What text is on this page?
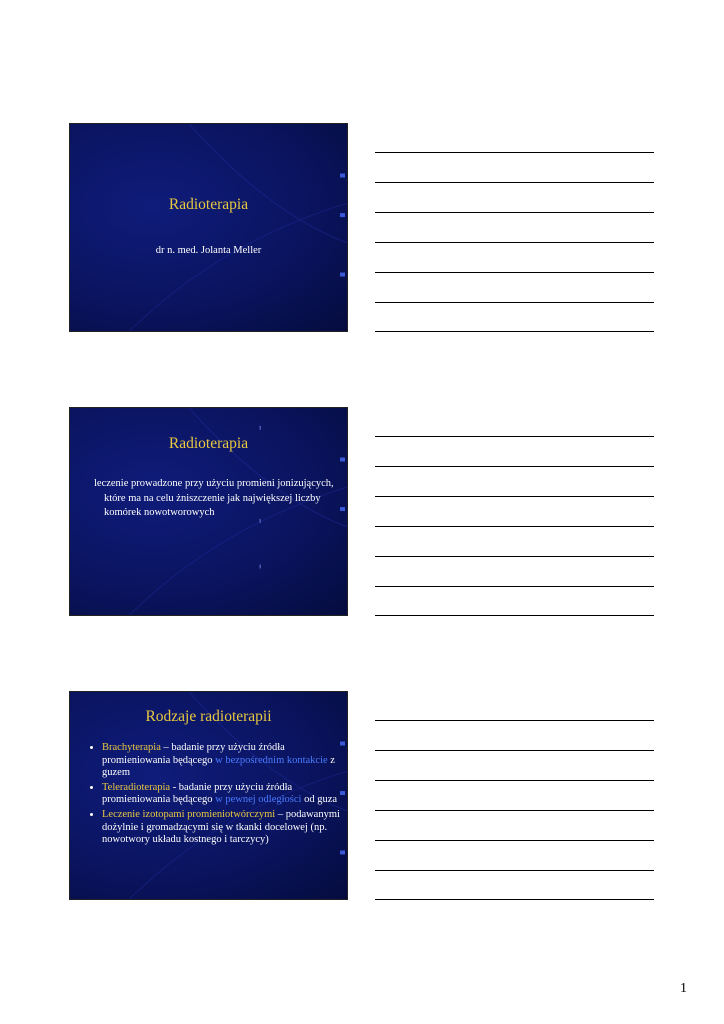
Radioterapia
dr n. med. Jolanta Meller
Radioterapia
leczenie prowadzone przy użyciu promieni jonizujących, które ma na celu żniszczenie jak największej liczby komórek nowotworowych
Rodzaje radioterapii
• Brachyterapia – badanie przy użyciu źródła promieniowania będącego w bezpośrednim kontakcie z guzem
• Teleradioterapia - badanie przy użyciu źródła promieniowania będącego w pewnej odległości od guza
• Leczenie izotopami promieniotwórczymi – podawanymi dożylnie i gromadzącymi się w tkanki docelowej (np. nowotwory układu kostnego i tarczycy)
1
